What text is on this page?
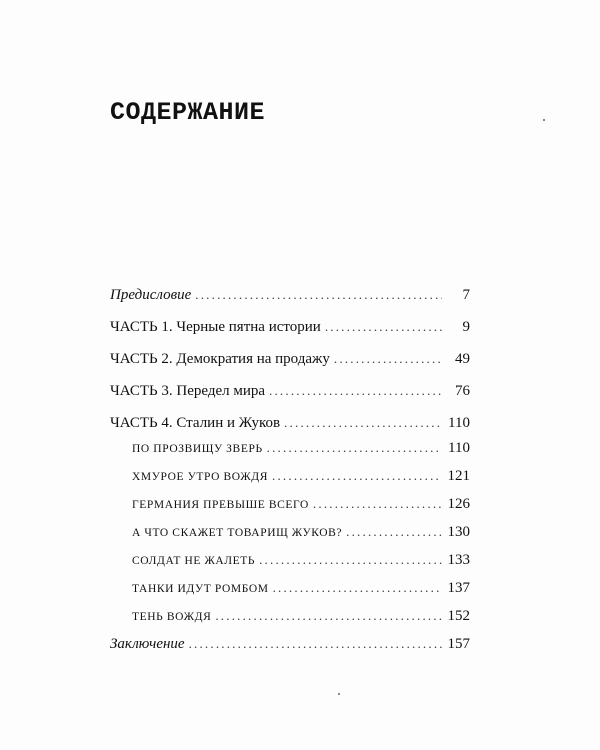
СОДЕРЖАНИЕ
Предисловие .....	7
ЧАСТЬ 1. Черные пятна истории .....	9
ЧАСТЬ 2. Демократия на продажу .....	49
ЧАСТЬ 3. Передел мира .....	76
ЧАСТЬ 4. Сталин и Жуков .....	110
ПО ПРОЗВИЩУ ЗВЕРЬ .....	110
ХМУРОЕ УТРО ВОЖДЯ .....	121
ГЕРМАНИЯ ПРЕВЫШЕ ВСЕГО .....	126
А ЧТО СКАЖЕТ ТОВАРИЩ ЖУКОВ? .....	130
СОЛДАТ НЕ ЖАЛЕТЬ .....	133
ТАНКИ ИДУТ РОМБОМ .....	137
ТЕНЬ ВОЖДЯ .....	152
Заключение .....	157
